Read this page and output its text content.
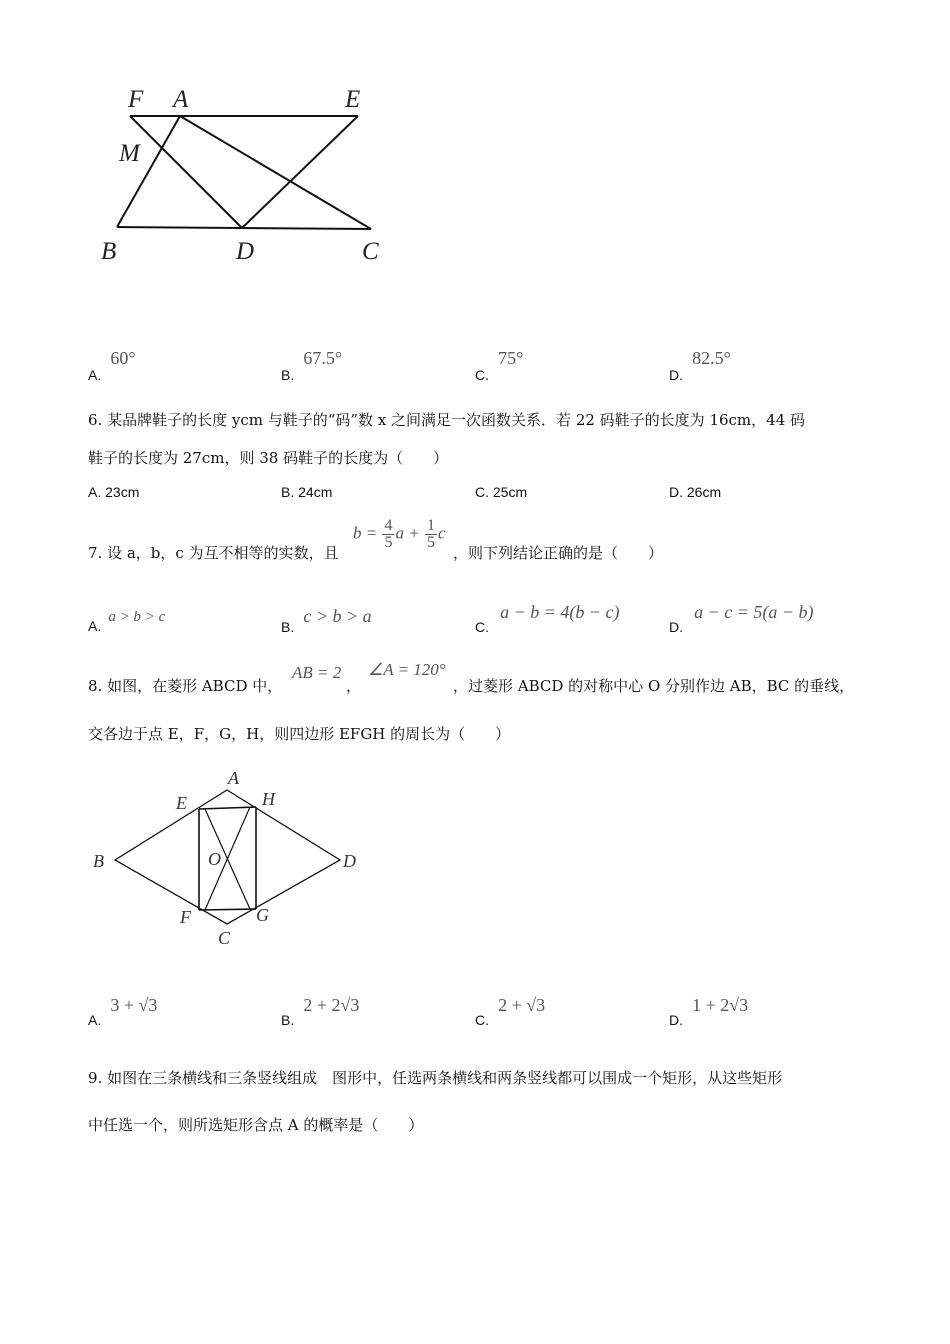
F A	E
M
B	D	C
A. 60°
B. 67.5°
C. 75°
D. 82.5°
6. 某品牌鞋子的长度 ycm 与鞋子的“码”数 x 之间满足一次函数关系．若 22 码鞋子的长度为 16cm，44 码
鞋子的长度为 27cm，则 38 码鞋子的长度为（　　）
A. 23cm	B. 24cm	C. 25cm	D. 26cm
7. 设 a，b，c 为互不相等的实数，且
$b = \frac{4}{5}$ $a + \frac{1}{5}$ c
，则下列结论正确的是（　　）
A. a > b > c
B. c > b > a
C. a − b = 4(b − c)
D. a − c = 5(a − b)
8. 如图，在菱形 ABCD 中，
AB = 2
，
∠A = 120°
，过菱形 ABCD 的对称中心 O 分别作边 AB，BC 的垂线，
交各边于点 E，F，G，H，则四边形 EFGH 的周长为（　　）
A
E	H
B	O	D
F	G
C
A. 3 + √3
B. 2 + 2√3
C. 2 + √3
D. 1 + 2√3
9. 如图在三条横线和三条竖线组成　图形中，任选两条横线和两条竖线都可以围成一个矩形，从这些矩形
中任选一个，则所选矩形含点 A 的概率是（　　）
